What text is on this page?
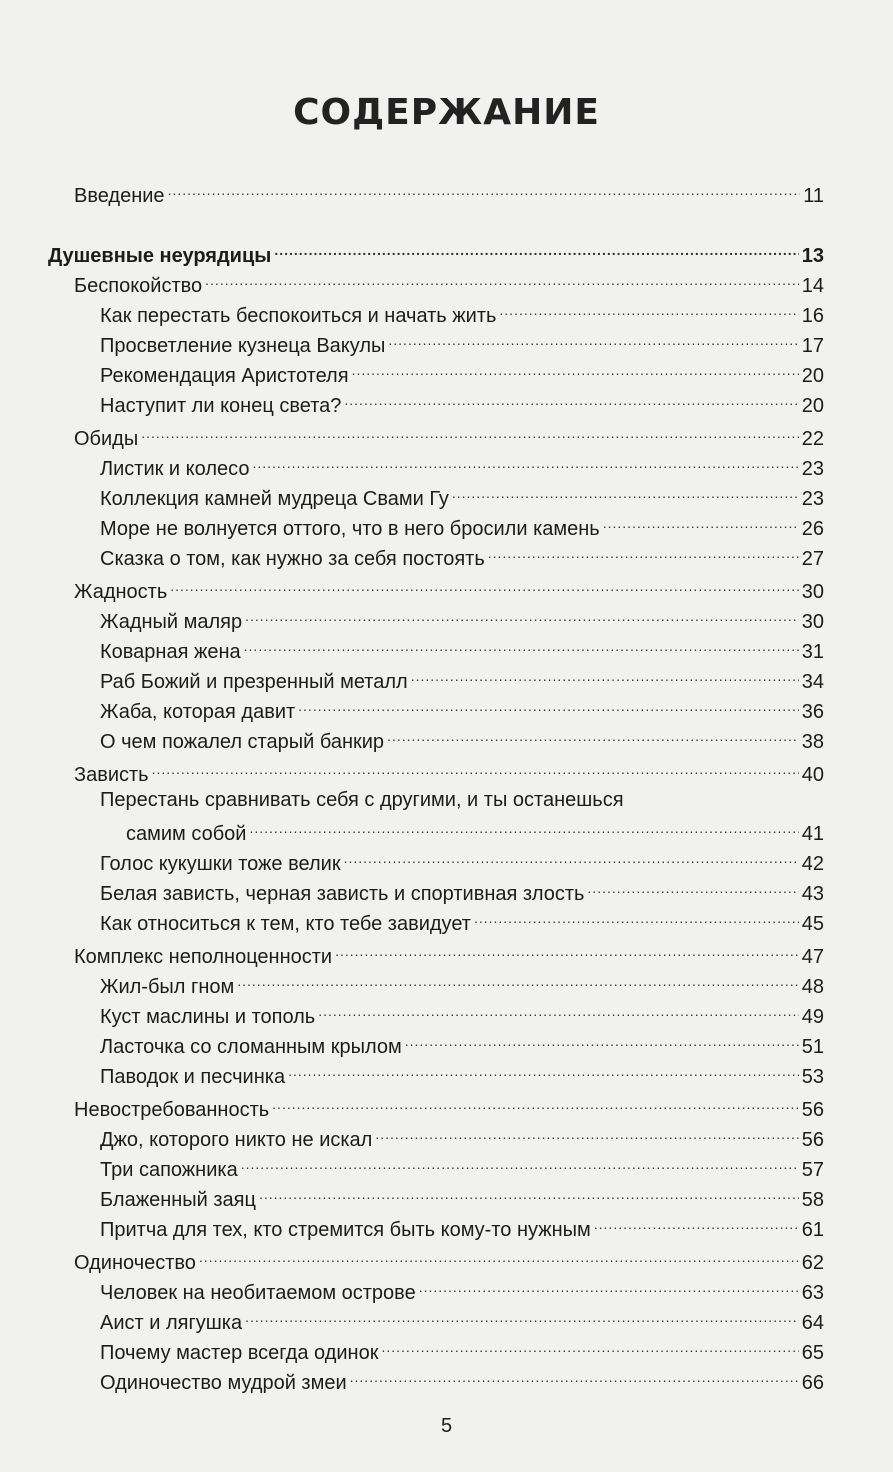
СОДЕРЖАНИЕ
Введение .....	11
Душевные неурядицы .....	13
Беспокойство .....	14
Как перестать беспокоиться и начать жить .....	16
Просветление кузнеца Вакулы .....	17
Рекомендация Аристотеля .....	20
Наступит ли конец света? .....	20
Обиды .....	22
Листик и колесо .....	23
Коллекция камней мудреца Свами Гу .....	23
Море не волнуется оттого, что в него бросили камень .....	26
Сказка о том, как нужно за себя постоять .....	27
Жадность .....	30
Жадный маляр .....	30
Коварная жена .....	31
Раб Божий и презренный металл .....	34
Жаба, которая давит .....	36
О чем пожалел старый банкир .....	38
Зависть .....	40
Перестань сравнивать себя с другими, и ты останешься
самим собой .....	41
Голос кукушки тоже велик .....	42
Белая зависть, черная зависть и спортивная злость .....	43
Как относиться к тем, кто тебе завидует .....	45
Комплекс неполноценности .....	47
Жил-был гном .....	48
Куст маслины и тополь .....	49
Ласточка со сломанным крылом .....	51
Паводок и песчинка .....	53
Невостребованность .....	56
Джо, которого никто не искал .....	56
Три сапожника .....	57
Блаженный заяц .....	58
Притча для тех, кто стремится быть кому-то нужным .....	61
Одиночество .....	62
Человек на необитаемом острове .....	63
Аист и лягушка .....	64
Почему мастер всегда одинок .....	65
Одиночество мудрой змеи .....	66
5
